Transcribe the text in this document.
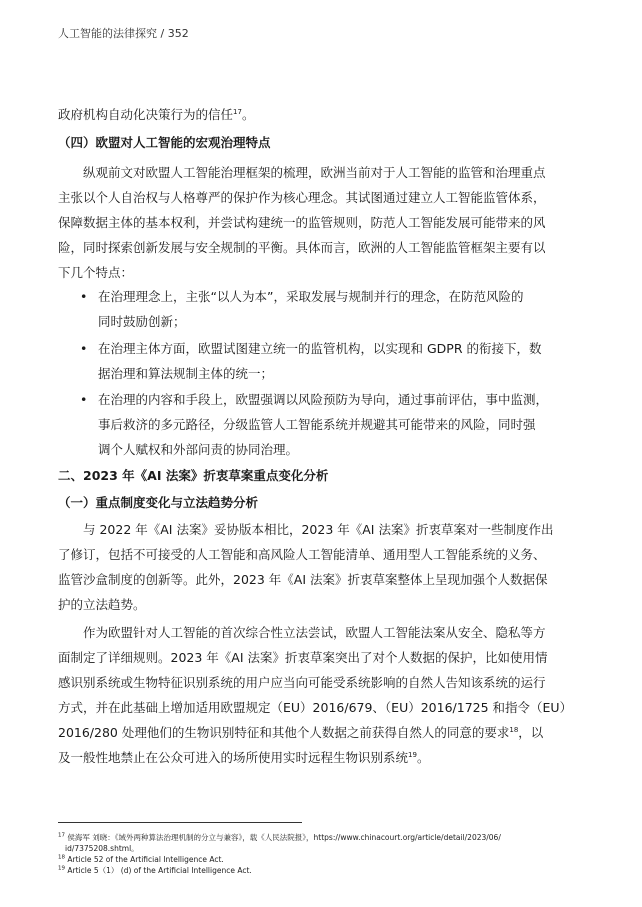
人工智能的法律探究 / 352
政府机构自动化决策行为的信任$^{17}$。
（四）欧盟对人工智能的宏观治理特点
纵观前文对欧盟人工智能治理框架的梳理，欧洲当前对于人工智能的监管和治理重点
主张以个人自治权与人格尊严的保护作为核心理念。其试图通过建立人工智能监管体系，
保障数据主体的基本权利，并尝试构建统一的监管规则，防范人工智能发展可能带来的风
险，同时探索创新发展与安全规制的平衡。具体而言，欧洲的人工智能监管框架主要有以
下几个特点：
• 在治理理念上，主张“以人为本”，采取发展与规制并行的理念，在防范风险的
同时鼓励创新；
• 在治理主体方面，欧盟试图建立统一的监管机构，以实现和 GDPR 的衔接下，数
据治理和算法规制主体的统一；
• 在治理的内容和手段上，欧盟强调以风险预防为导向，通过事前评估，事中监测，
事后救济的多元路径，分级监管人工智能系统并规避其可能带来的风险，同时强
调个人赋权和外部问责的协同治理。
二、2023 年《AI 法案》折衷草案重点变化分析
（一）重点制度变化与立法趋势分析
与 2022 年《AI 法案》妥协版本相比，2023 年《AI 法案》折衷草案对一些制度作出
了修订，包括不可接受的人工智能和高风险人工智能清单、通用型人工智能系统的义务、
监管沙盒制度的创新等。此外，2023 年《AI 法案》折衷草案整体上呈现加强个人数据保
护的立法趋势。
作为欧盟针对人工智能的首次综合性立法尝试，欧盟人工智能法案从安全、隐私等方
面制定了详细规则。2023 年《AI 法案》折衷草案突出了对个人数据的保护，比如使用情
感识别系统或生物特征识别系统的用户应当向可能受系统影响的自然人告知该系统的运行
方式，并在此基础上增加适用欧盟规定（EU）2016/679、（EU）2016/1725 和指令（EU）
2016/280 处理他们的生物识别特征和其他个人数据之前获得自然人的同意的要求$^{18}$，以
及一般性地禁止在公众可进入的场所使用实时远程生物识别系统$^{19}$。
$^{17}$ 侯海军 刘晓：《域外两种算法治理机制的分立与兼容》，载《人民法院报》，https://www.chinacourt.org/article/detail/2023/06/
id/7375208.shtml。
$^{18}$ Article 52 of the Artificial Intelligence Act.
$^{19}$ Article 5（1） (d) of the Artificial Intelligence Act.
